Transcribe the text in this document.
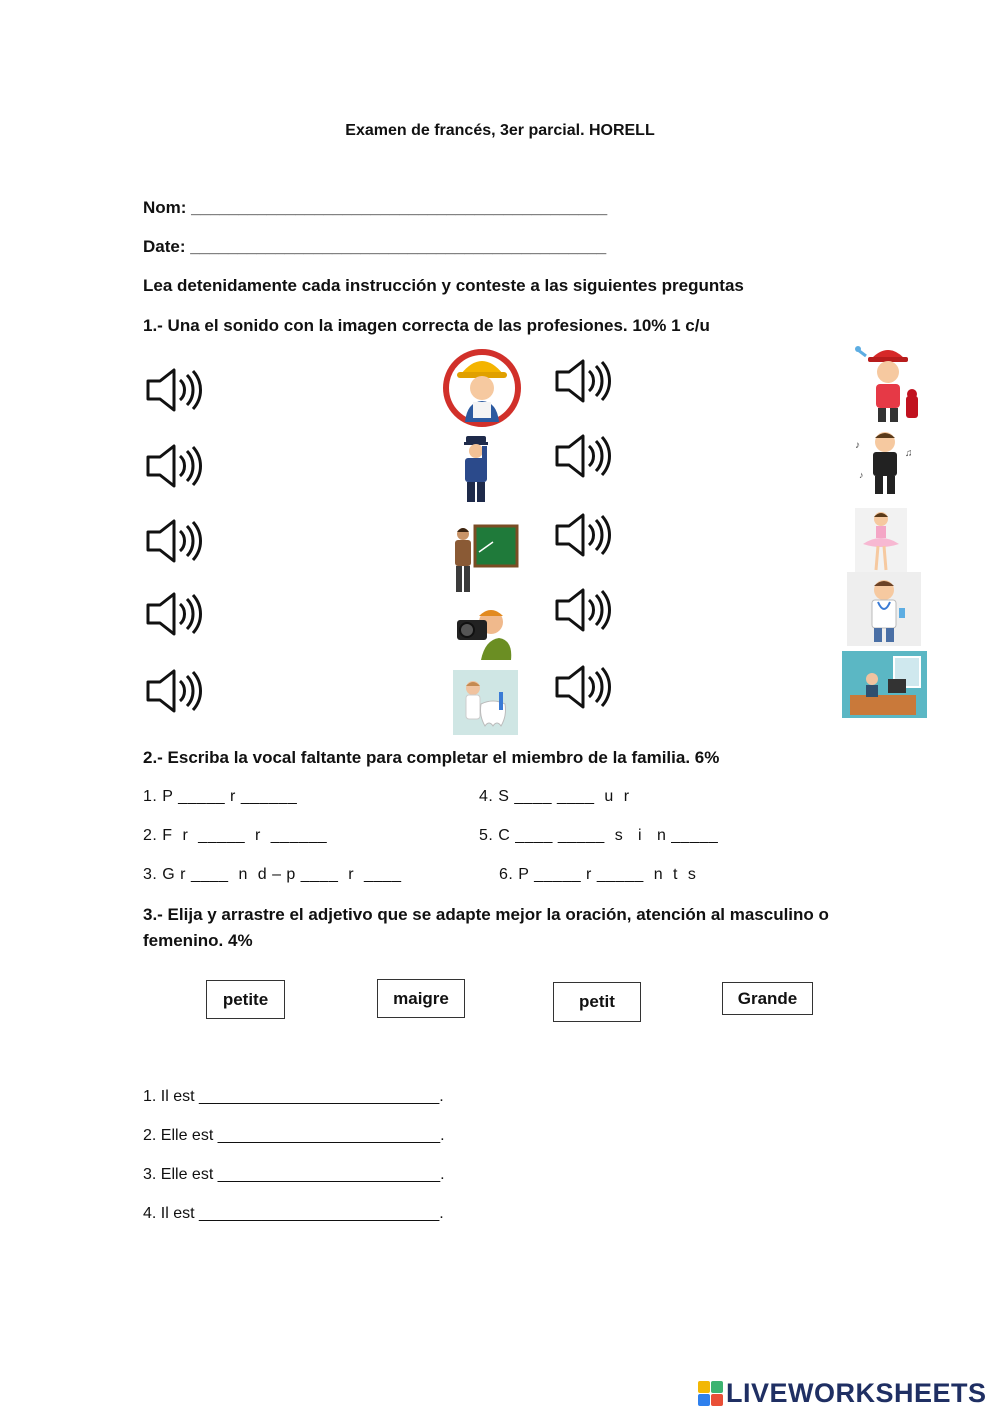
Examen de francés, 3er parcial. HORELL
Nom: ____________________________________________
Date: ____________________________________________
Lea detenidamente cada instrucción y conteste a las siguientes preguntas
1.- Una el sonido con la imagen correcta de las profesiones. 10% 1 c/u
♪
♫
♪
2.- Escriba la vocal faltante para completar el miembro de la familia. 6%
1. P _____ r ______
2. F  r  _____  r  ______
3. G r ____  n  d – p ____  r  ____
4. S ____ ____  u  r
5. C ____ _____  s   i   n _____
6. P _____ r _____  n  t  s
3.- Elija y arrastre el adjetivo que se adapte mejor la oración, atención al masculino o
femenino. 4%
petite	maigre	petit	Grande
1. Il est ___________________________.
2. Elle est _________________________.
3. Elle est _________________________.
4. Il est ___________________________.
LIVEWORKSHEETS
